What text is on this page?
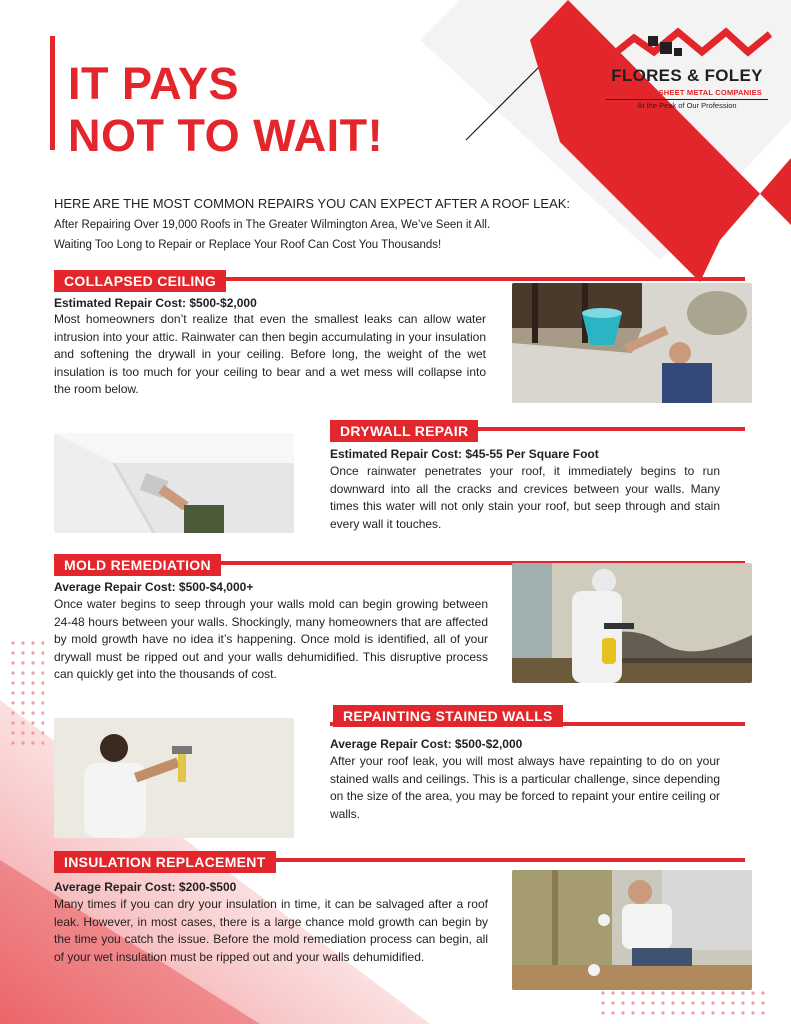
IT PAYS
NOT TO WAIT!
FLORES & FOLEY
ROOFING & SHEET METAL COMPANIES
At the Peak of Our Profession
HERE ARE THE MOST COMMON REPAIRS YOU CAN EXPECT AFTER A ROOF LEAK:
After Repairing Over 19,000 Roofs in The Greater Wilmington Area, We’ve Seen it All.
Waiting Too Long to Repair or Replace Your Roof Can Cost You Thousands!
COLLAPSED CEILING
Estimated Repair Cost: $500-$2,000

Most homeowners don’t realize that even the smallest leaks can allow water intrusion into your attic. Rainwater can then begin accumulating in your insulation and softening the drywall in your ceiling. Before long, the weight of the wet insulation is too much for your ceiling to bear and a wet mess will collapse into the room below.

DRYWALL REPAIR
Estimated Repair Cost: $45-55 Per Square Foot

Once rainwater penetrates your roof, it immediately begins to run downward into all the cracks and crevices between your walls. Many times this water will not only stain your roof, but seep through and stain every wall it touches.

MOLD REMEDIATION
Average Repair Cost: $500-$4,000+

Once water begins to seep through your walls mold can begin growing between 24-48 hours between your walls. Shockingly, many homeowners that are affected by mold growth have no idea it’s happening. Once mold is identified, all of your drywall must be ripped out and your walls dehumidified. This disruptive process can quickly get into the thousands of cost.

REPAINTING STAINED WALLS
Average Repair Cost: $500-$2,000

After your roof leak, you will most always have repainting to do on your stained walls and ceilings. This is a particular challenge, since depending on the size of the area, you may be forced to repaint your entire ceiling or walls.

INSULATION REPLACEMENT
Average Repair Cost: $200-$500

Many times if you can dry your insulation in time, it can be salvaged after a roof leak. However, in most cases, there is a large chance mold growth can begin by the time you catch the issue. Before the mold remediation process can begin, all of your wet insulation must be ripped out and your walls dehumidified.
